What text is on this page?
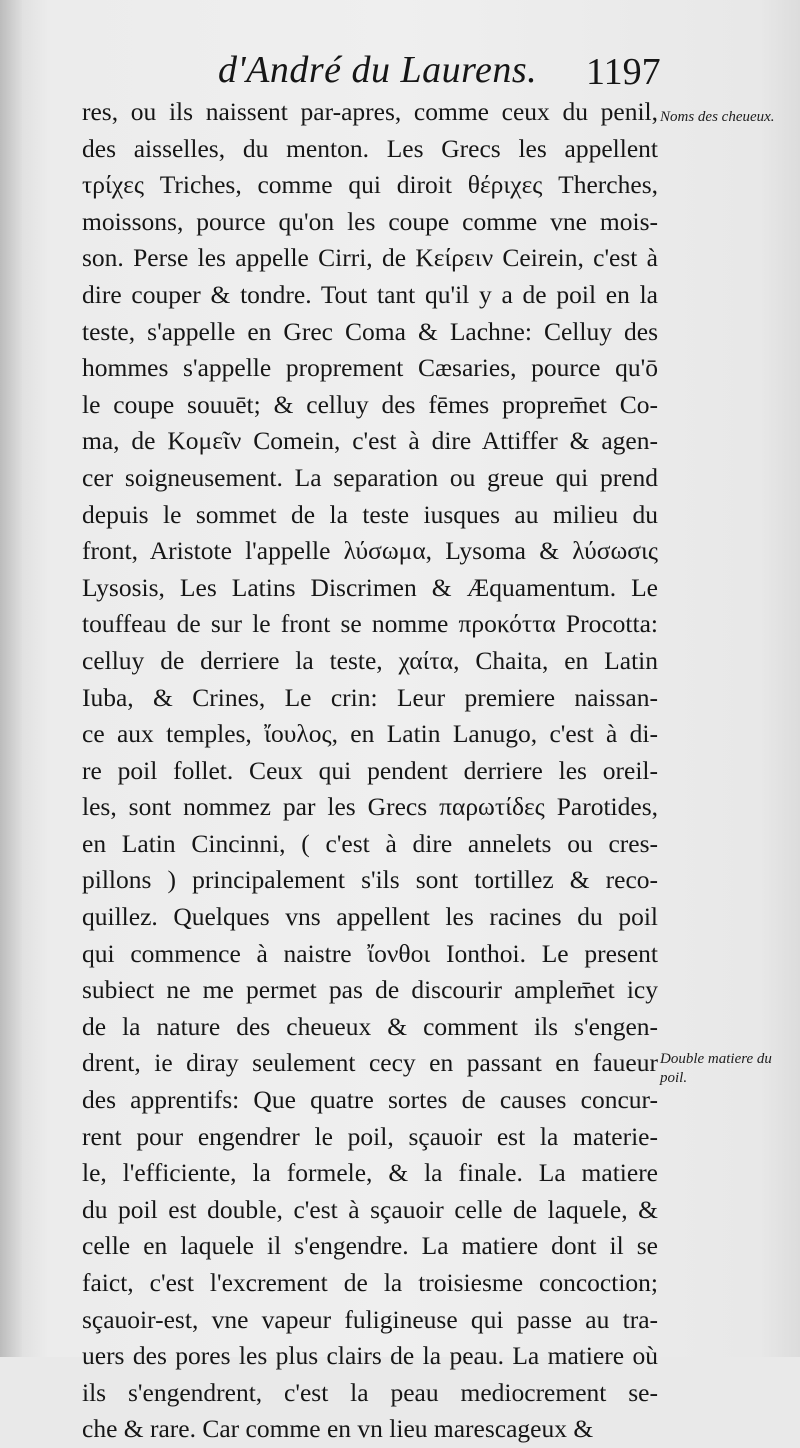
d'André du Laurens. 1197
res, ou ils naissent par-apres, comme ceux du penil,
des aisselles, du menton. Les Grecs les appellent
τρίχες Triches, comme qui diroit θέριχες Therches,
moissons, pource qu'on les coupe comme vne mois-
son. Perse les appelle Cirri, de Κείρειν Ceirein, c'est à
dire couper & tondre. Tout tant qu'il y a de poil en la
teste, s'appelle en Grec Coma & Lachne: Celluy des
hommes s'appelle proprement Cæsaries, pource qu'ō
le coupe souuēt; & celluy des fēmes proprem̄et Co-
ma, de Κομεῖν Comein, c'est à dire Attiffer & agen-
cer soigneusement. La separation ou greue qui prend
depuis le sommet de la teste iusques au milieu du
front, Aristote l'appelle λύσωμα, Lysoma & λύσωσις
Lysosis, Les Latins Discrimen & Æquamentum. Le
touffeau de sur le front se nomme προκόττα Procotta:
celluy de derriere la teste, χαίτα, Chaita, en Latin
Iuba, & Crines, Le crin: Leur premiere naissan-
ce aux temples, ἴουλος, en Latin Lanugo, c'est à di-
re poil follet. Ceux qui pendent derriere les oreil-
les, sont nommez par les Grecs παρωτίδες Parotides,
en Latin Cincinni, ( c'est à dire annelets ou cres-
pillons ) principalement s'ils sont tortillez & reco-
quillez. Quelques vns appellent les racines du poil
qui commence à naistre ἴονθοι Ionthoi. Le present
subiect ne me permet pas de discourir amplem̄et icy
de la nature des cheueux & comment ils s'engen-
drent, ie diray seulement cecy en passant en faueur
des apprentifs: Que quatre sortes de causes concur-
rent pour engendrer le poil, sçauoir est la materie-
le, l'efficiente, la formele, & la finale. La matiere
du poil est double, c'est à sçauoir celle de laquele, &
celle en laquele il s'engendre. La matiere dont il se
faict, c'est l'excrement de la troisiesme concoction;
sçauoir-est, vne vapeur fuligineuse qui passe au tra-
uers des pores les plus clairs de la peau. La matiere où
ils s'engendrent, c'est la peau mediocrement se-
che & rare. Car comme en vn lieu marescageux &
Noms des cheueux.
Double matiere du poil.
